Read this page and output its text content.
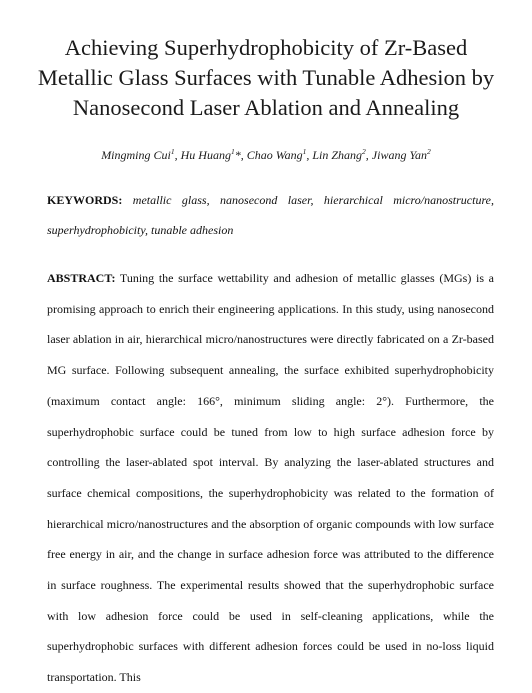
Achieving Superhydrophobicity of Zr-Based
Metallic Glass Surfaces with Tunable Adhesion by
Nanosecond Laser Ablation and Annealing
Mingming Cui$^1$, Hu Huang$^1$*, Chao Wang$^1$, Lin Zhang$^2$, Jiwang Yan$^2$
KEYWORDS: metallic glass, nanosecond laser, hierarchical micro/nanostructure, superhydrophobicity, tunable adhesion
ABSTRACT: Tuning the surface wettability and adhesion of metallic glasses (MGs) is a promising approach to enrich their engineering applications. In this study, using nanosecond laser ablation in air, hierarchical micro/nanostructures were directly fabricated on a Zr-based MG surface. Following subsequent annealing, the surface exhibited superhydrophobicity (maximum contact angle: 166°, minimum sliding angle: 2°). Furthermore, the superhydrophobic surface could be tuned from low to high surface adhesion force by controlling the laser-ablated spot interval. By analyzing the laser-ablated structures and surface chemical compositions, the superhydrophobicity was related to the formation of hierarchical micro/nanostructures and the absorption of organic compounds with low surface free energy in air, and the change in surface adhesion force was attributed to the difference in surface roughness. The experimental results showed that the superhydrophobic surface with low adhesion force could be used in self-cleaning applications, while the superhydrophobic surfaces with different adhesion forces could be used in no-loss liquid transportation. This
